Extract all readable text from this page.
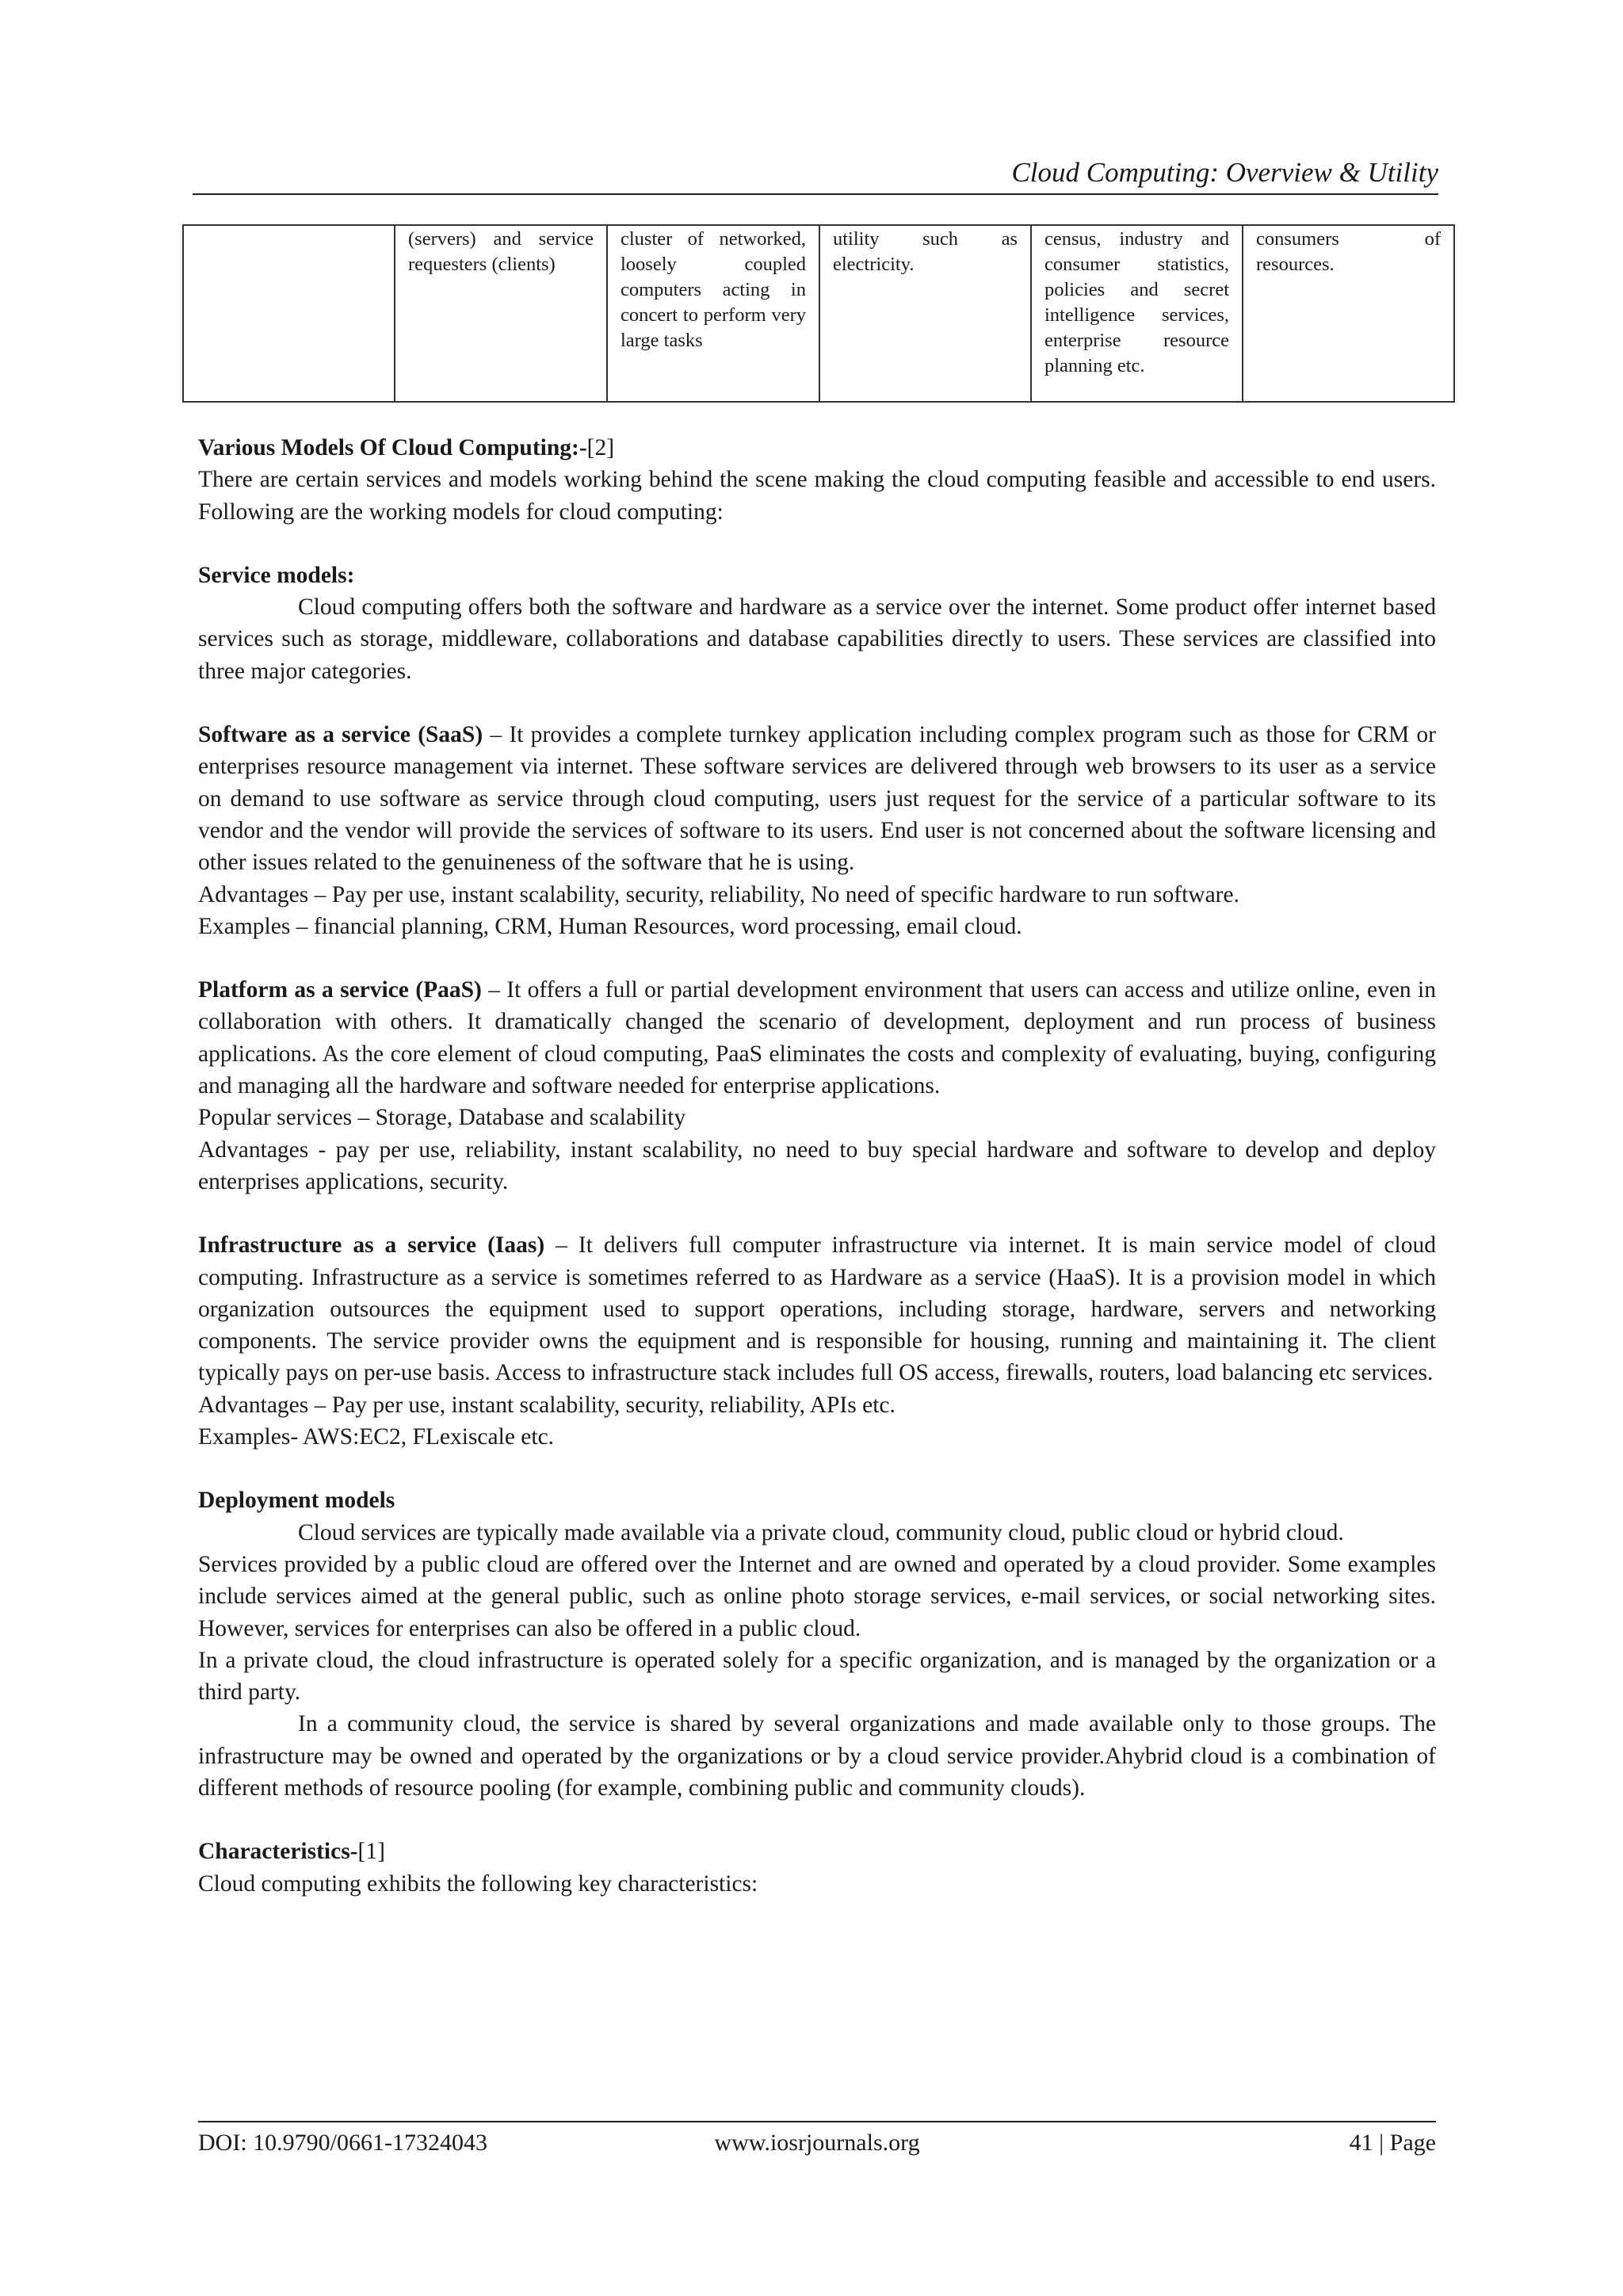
Cloud Computing: Overview & Utility
	(servers) and service requesters (clients)	cluster of networked, loosely coupled computers acting in concert to perform very large tasks	utility such as electricity.	census, industry and consumer statistics, policies and secret intelligence services, enterprise resource planning etc.	consumers of resources.

Various Models Of Cloud Computing:-[2]

There are certain services and models working behind the scene making the cloud computing feasible and accessible to end users. Following are the working models for cloud computing:

Service models:

Cloud computing offers both the software and hardware as a service over the internet. Some product offer internet based services such as storage, middleware, collaborations and database capabilities directly to users. These services are classified into three major categories.

Software as a service (SaaS) – It provides a complete turnkey application including complex program such as those for CRM or enterprises resource management via internet. These software services are delivered through web browsers to its user as a service on demand to use software as service through cloud computing, users just request for the service of a particular software to its vendor and the vendor will provide the services of software to its users. End user is not concerned about the software licensing and other issues related to the genuineness of the software that he is using.

Advantages – Pay per use, instant scalability, security, reliability, No need of specific hardware to run software.

Examples – financial planning, CRM, Human Resources, word processing, email cloud.

Platform as a service (PaaS) – It offers a full or partial development environment that users can access and utilize online, even in collaboration with others. It dramatically changed the scenario of development, deployment and run process of business applications. As the core element of cloud computing, PaaS eliminates the costs and complexity of evaluating, buying, configuring and managing all the hardware and software needed for enterprise applications.

Popular services – Storage, Database and scalability

Advantages - pay per use, reliability, instant scalability, no need to buy special hardware and software to develop and deploy enterprises applications, security.

Infrastructure as a service (Iaas) – It delivers full computer infrastructure via internet. It is main service model of cloud computing. Infrastructure as a service is sometimes referred to as Hardware as a service (HaaS). It is a provision model in which organization outsources the equipment used to support operations, including storage, hardware, servers and networking components. The service provider owns the equipment and is responsible for housing, running and maintaining it. The client typically pays on per-use basis. Access to infrastructure stack includes full OS access, firewalls, routers, load balancing etc services.

Advantages – Pay per use, instant scalability, security, reliability, APIs etc.

Examples- AWS:EC2, FLexiscale etc.

Deployment models

Cloud services are typically made available via a private cloud, community cloud, public cloud or hybrid cloud.

Services provided by a public cloud are offered over the Internet and are owned and operated by a cloud provider. Some examples include services aimed at the general public, such as online photo storage services, e-mail services, or social networking sites. However, services for enterprises can also be offered in a public cloud.

In a private cloud, the cloud infrastructure is operated solely for a specific organization, and is managed by the organization or a third party.

In a community cloud, the service is shared by several organizations and made available only to those groups. The infrastructure may be owned and operated by the organizations or by a cloud service provider.Ahybrid cloud is a combination of different methods of resource pooling (for example, combining public and community clouds).

Characteristics-[1]

Cloud computing exhibits the following key characteristics:

DOI: 10.9790/0661-17324043	www.iosrjournals.org	41 | Page
